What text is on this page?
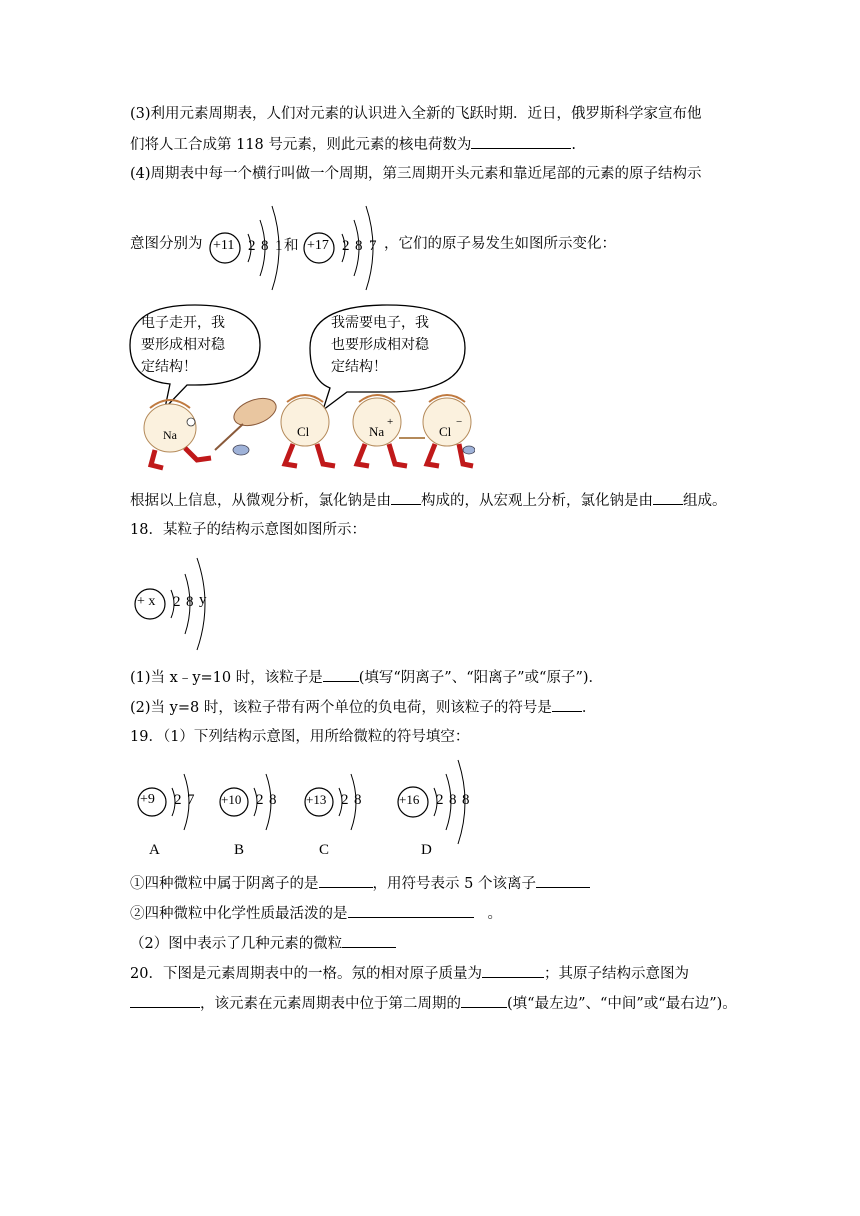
(3)利用元素周期表，人们对元素的认识进入全新的飞跃时期．近日，俄罗斯科学家宣布他
们将人工合成第 118 号元素，则此元素的核电荷数为	.
(4)周期表中每一个横行叫做一个周期，第三周期开头元素和靠近尾部的元素的原子结构示
意图分别为 +11 2 8 1 和 +17 2 8 7 ，它们的原子易发生如图所示变化：
电子走开，我
要形成相对稳
定结构！
我需要电子，我
也要形成相对稳
定结构！
Na	Cl	Na
+
Cl
−
根据以上信息，从微观分析，氯化钠是由 构成的，从宏观上分析，氯化钠是由 组成。
18．某粒子的结构示意图如图所示：
+ x 2 8 y
(1)当 x﹣y=10 时，该粒子是 (填写“阴离子”、“阳离子”或“原子”)．
(2)当 y=8 时，该粒子带有两个单位的负电荷，则该粒子的符号是 ．
19．（1）下列结构示意图，用所给微粒的符号填空：
+9 2 7
A
+10 2 8
B
+13 2 8
C
+16 2 8 8
D
①四种微粒中属于阴离子的是	，用符号表示 5 个该离子
②四种微粒中化学性质最活泼的是	。
（2）图中表示了几种元素的微粒
20．下图是元素周期表中的一格。氖的相对原子质量为	；其原子结构示意图为
，该元素在元素周期表中位于第二周期的	(填“最左边”、“中间”或“最右边”)。
